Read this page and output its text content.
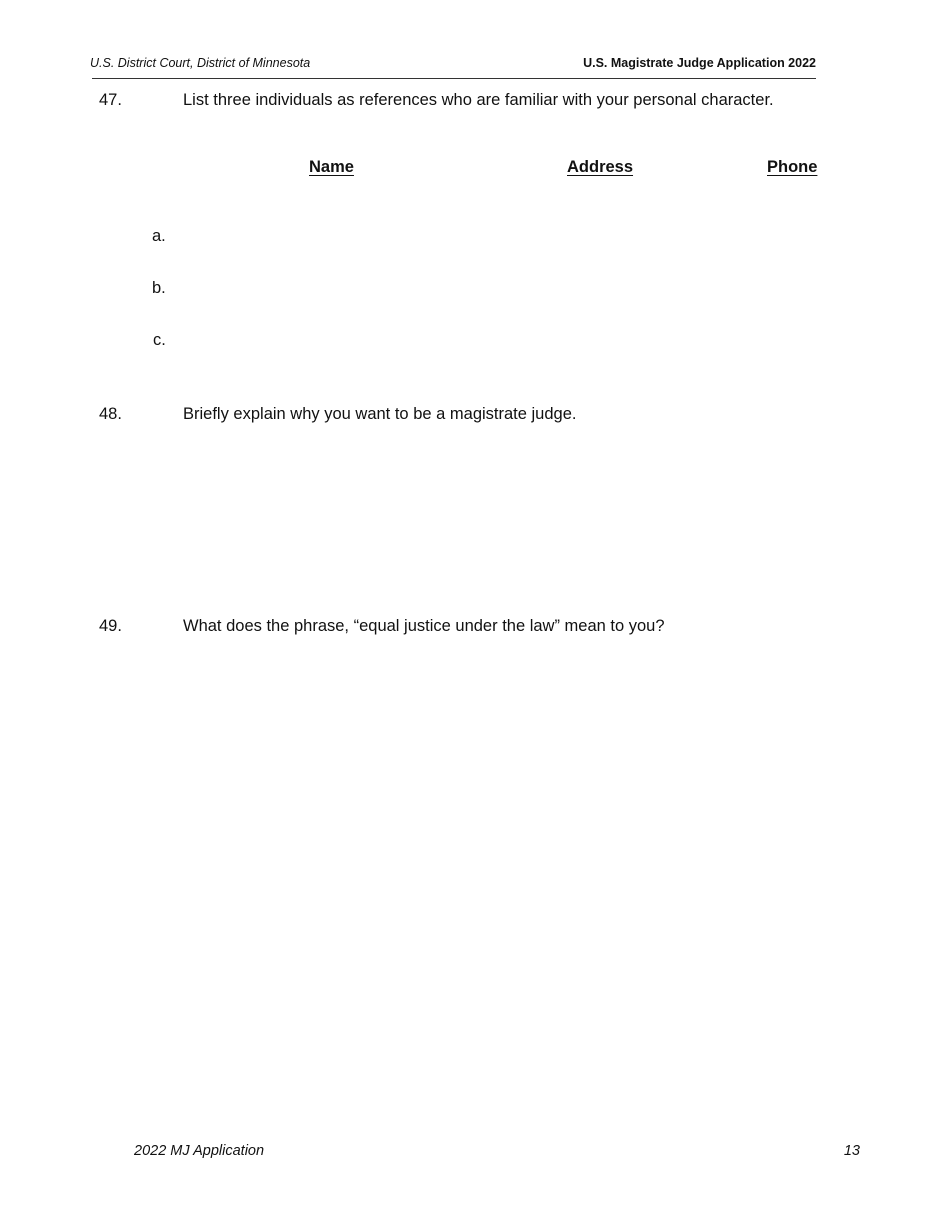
U.S. District Court, District of Minnesota	U.S. Magistrate Judge Application 2022
47.	List three individuals as references who are familiar with your personal character.
Name	Address	Phone
a.
b.
c.
48.	Briefly explain why you want to be a magistrate judge.
49.	What does the phrase, “equal justice under the law” mean to you?
2022 MJ Application	13
